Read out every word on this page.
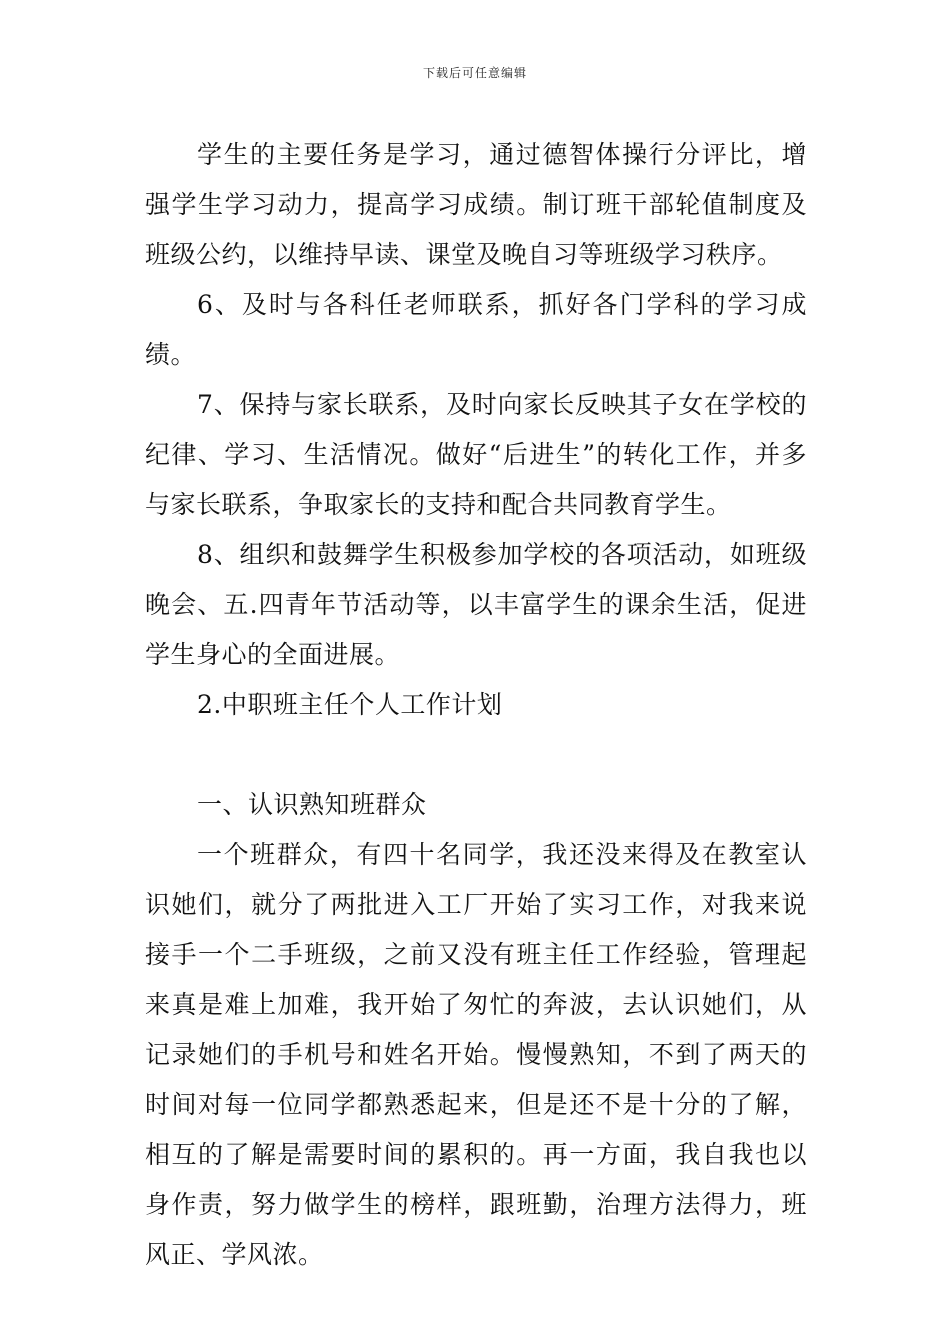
下载后可任意编辑

学生的主要任务是学习，通过德智体操行分评比，增强学生学习动力，提高学习成绩。制订班干部轮值制度及班级公约，以维持早读、课堂及晚自习等班级学习秩序。

6、及时与各科任老师联系，抓好各门学科的学习成绩。

7、保持与家长联系，及时向家长反映其子女在学校的纪律、学习、生活情况。做好“后进生”的转化工作，并多与家长联系，争取家长的支持和配合共同教育学生。

8、组织和鼓舞学生积极参加学校的各项活动，如班级晚会、五.四青年节活动等，以丰富学生的课余生活，促进学生身心的全面进展。

2.中职班主任个人工作计划

一、认识熟知班群众

一个班群众，有四十名同学，我还没来得及在教室认识她们，就分了两批进入工厂开始了实习工作，对我来说接手一个二手班级，之前又没有班主任工作经验，管理起来真是难上加难，我开始了匆忙的奔波，去认识她们，从记录她们的手机号和姓名开始。慢慢熟知，不到了两天的时间对每一位同学都熟悉起来，但是还不是十分的了解，相互的了解是需要时间的累积的。再一方面，我自我也以身作责，努力做学生的榜样，跟班勤，治理方法得力，班风正、学风浓。
